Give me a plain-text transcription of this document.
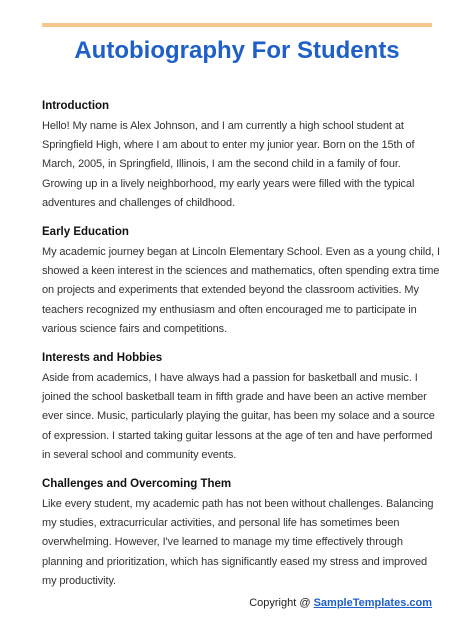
Autobiography For Students
Introduction

Hello! My name is Alex Johnson, and I am currently a high school student at Springfield High, where I am about to enter my junior year. Born on the 15th of March, 2005, in Springfield, Illinois, I am the second child in a family of four. Growing up in a lively neighborhood, my early years were filled with the typical adventures and challenges of childhood.

Early Education

My academic journey began at Lincoln Elementary School. Even as a young child, I showed a keen interest in the sciences and mathematics, often spending extra time on projects and experiments that extended beyond the classroom activities. My teachers recognized my enthusiasm and often encouraged me to participate in various science fairs and competitions.

Interests and Hobbies

Aside from academics, I have always had a passion for basketball and music. I joined the school basketball team in fifth grade and have been an active member ever since. Music, particularly playing the guitar, has been my solace and a source of expression. I started taking guitar lessons at the age of ten and have performed in several school and community events.

Challenges and Overcoming Them

Like every student, my academic path has not been without challenges. Balancing my studies, extracurricular activities, and personal life has sometimes been overwhelming. However, I've learned to manage my time effectively through planning and prioritization, which has significantly eased my stress and improved my productivity.

Copyright @ SampleTemplates.com
